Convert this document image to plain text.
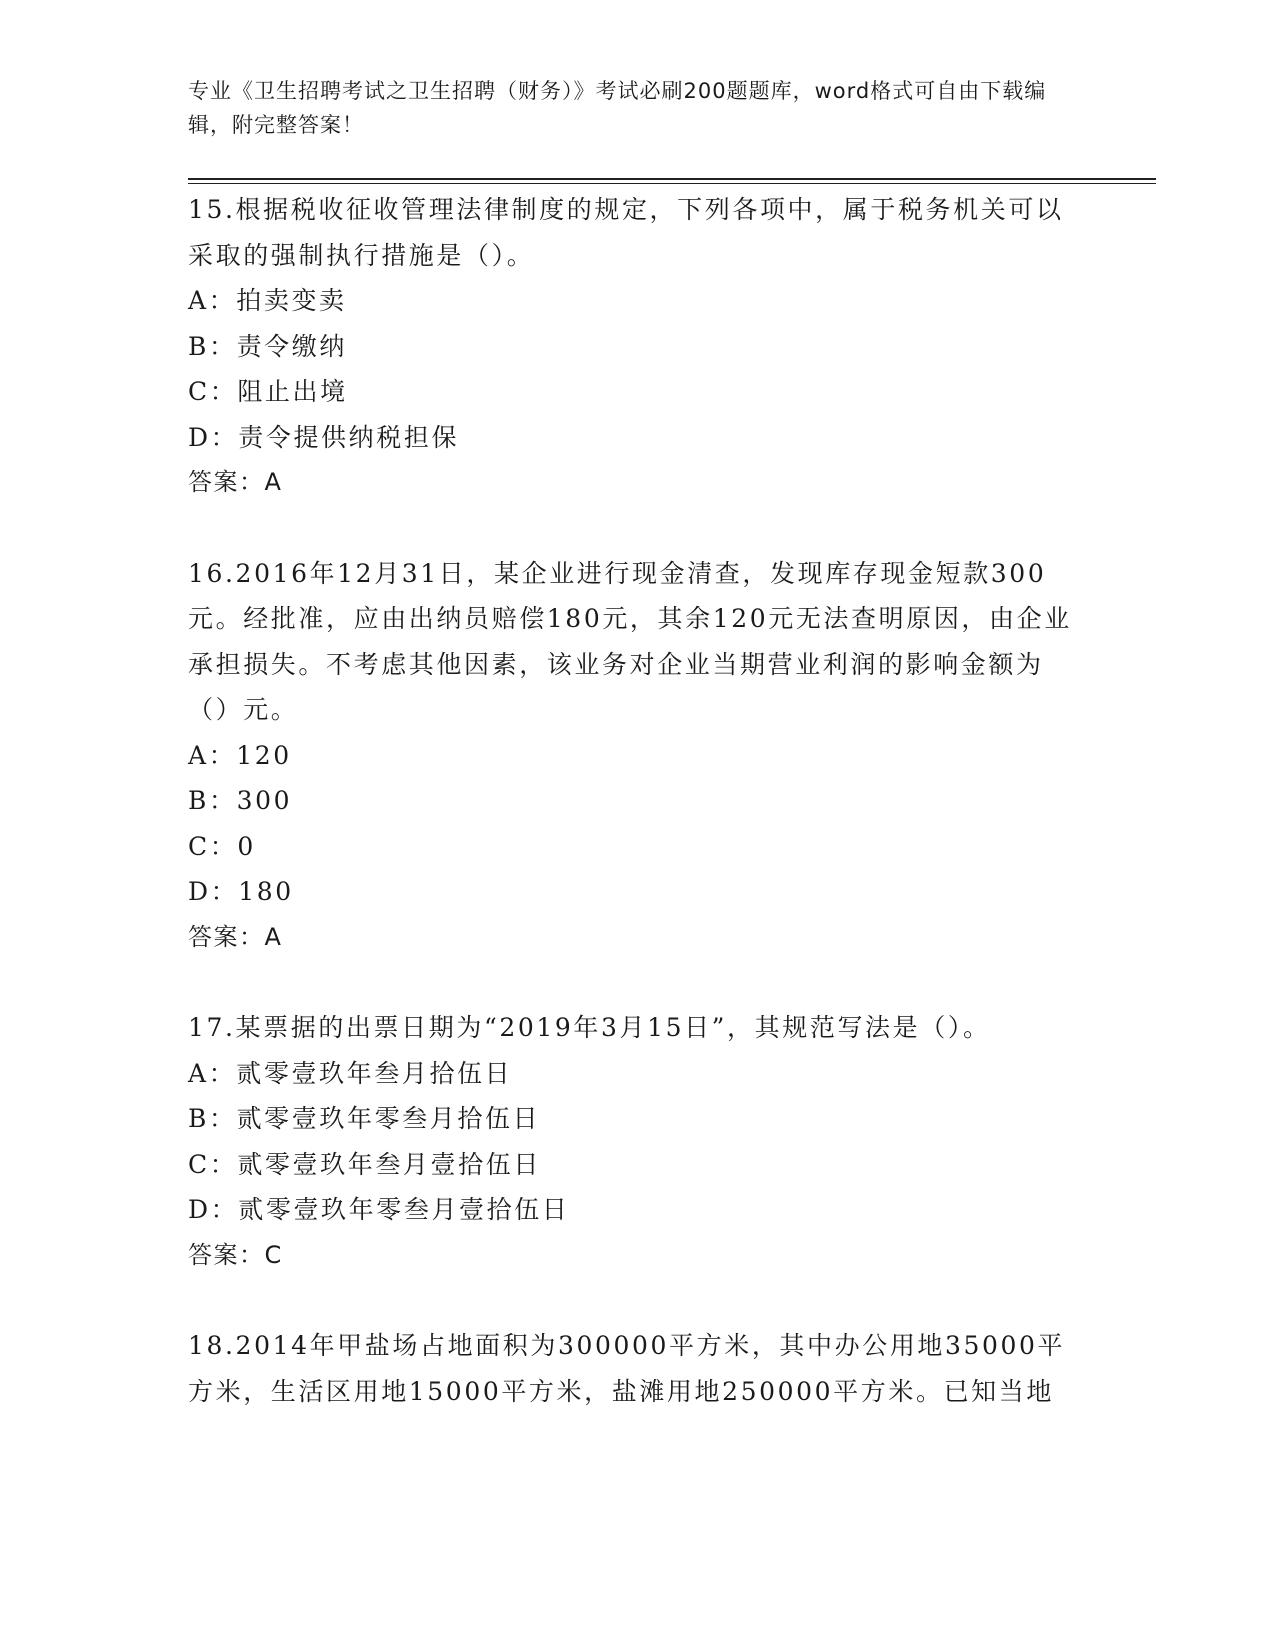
专业《卫生招聘考试之卫生招聘（财务）》考试必刷200题题库，word格式可自由下载编辑，附完整答案！
15.根据税收征收管理法律制度的规定，下列各项中，属于税务机关可以采取的强制执行措施是（）。
A：拍卖变卖
B：责令缴纳
C：阻止出境
D：责令提供纳税担保
答案：A
16.2016年12月31日，某企业进行现金清查，发现库存现金短款300元。经批准，应由出纳员赔偿180元，其余120元无法查明原因，由企业承担损失。不考虑其他因素，该业务对企业当期营业利润的影响金额为（）元。
A：120
B：300
C：0
D：180
答案：A
17.某票据的出票日期为“2019年3月15日”，其规范写法是（）。
A：贰零壹玖年叁月拾伍日
B：贰零壹玖年零叁月拾伍日
C：贰零壹玖年叁月壹拾伍日
D：贰零壹玖年零叁月壹拾伍日
答案：C
18.2014年甲盐场占地面积为300000平方米，其中办公用地35000平方米，生活区用地15000平方米，盐滩用地250000平方米。已知当地
